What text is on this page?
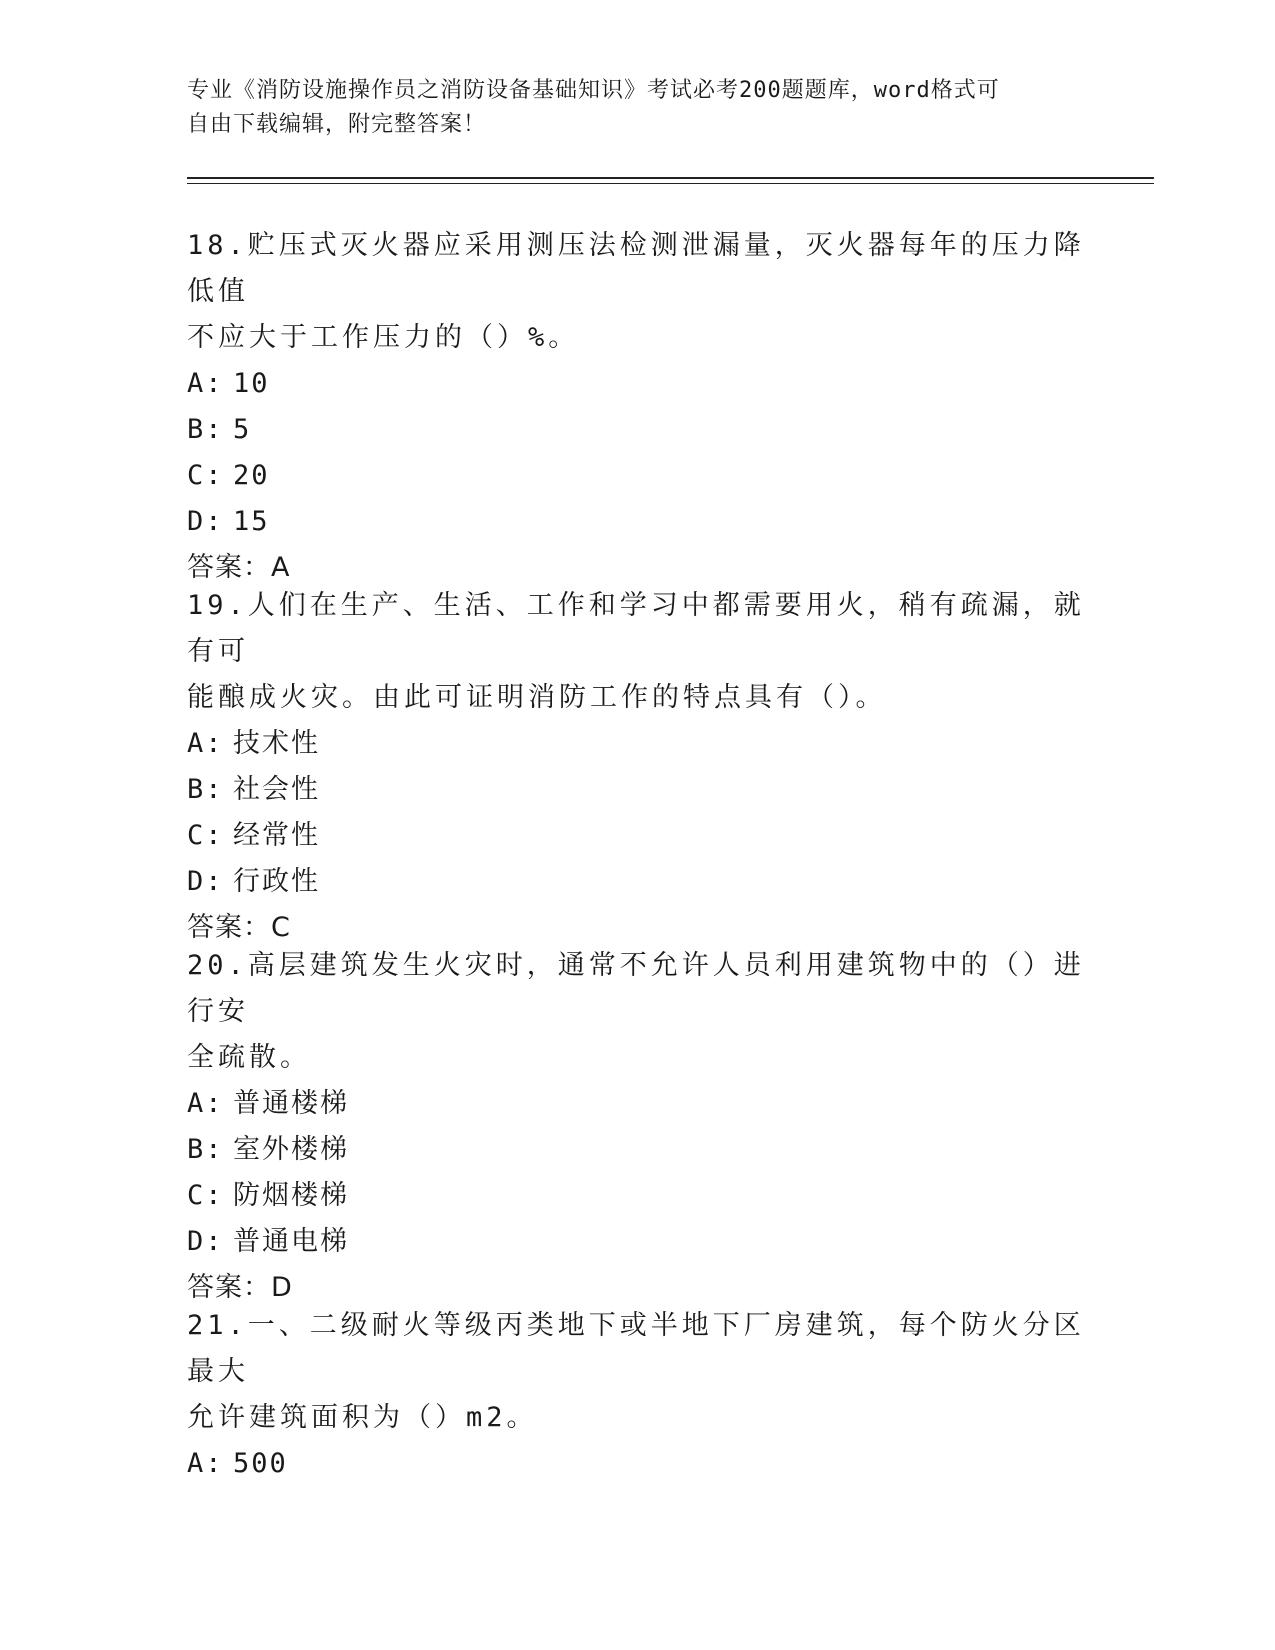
专业《消防设施操作员之消防设备基础知识》考试必考200题题库，word格式可
自由下载编辑，附完整答案！

18.贮压式灭火器应采用测压法检测泄漏量，灭火器每年的压力降低值

不应大于工作压力的（）%。

A: 10

B: 5

C: 20

D: 15

答案：A

19.人们在生产、生活、工作和学习中都需要用火，稍有疏漏，就有可

能酿成火灾。由此可证明消防工作的特点具有（）。

A: 技术性

B: 社会性

C: 经常性

D: 行政性

答案：C

20.高层建筑发生火灾时，通常不允许人员利用建筑物中的（）进行安

全疏散。

A: 普通楼梯

B: 室外楼梯

C: 防烟楼梯

D: 普通电梯

答案：D

21.一、二级耐火等级丙类地下或半地下厂房建筑，每个防火分区最大

允许建筑面积为（）m2。

A: 500
